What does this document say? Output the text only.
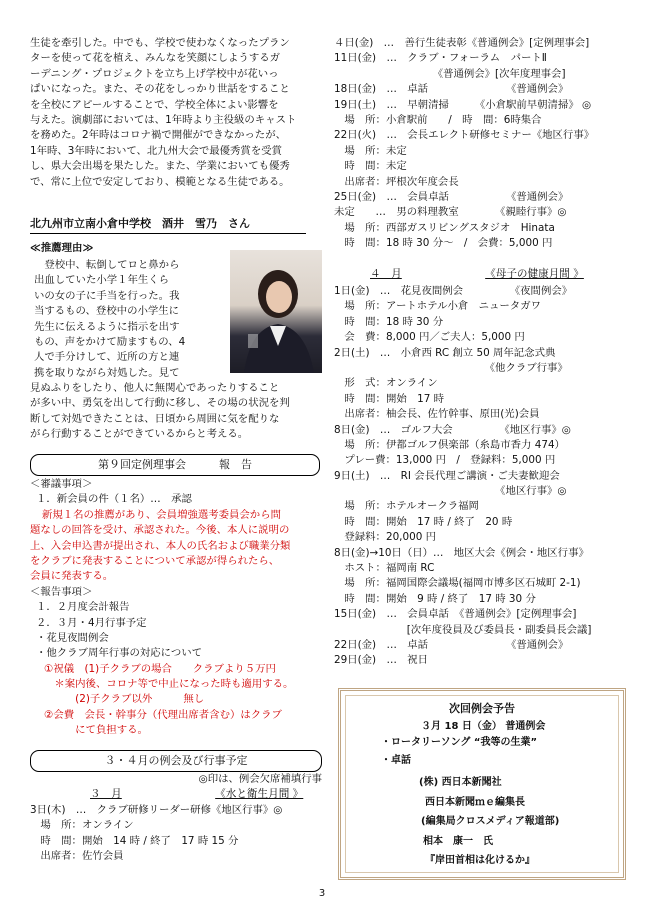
生徒を牽引した。中でも、学校で使わなくなったプラン
ターを使って花を植え、みんなを笑顔にしようするガ
ーデニング・プロジェクトを立ち上げ学校中が花いっ
ぱいになった。また、その花をしっかり世話をすること
を全校にアピールすることで、学校全体によい影響を
与えた。演劇部においては、1年時より主役級のキャスト
を務めた。2年時はコロナ禍で開催ができなかったが、
1年時、3年時において、北九州大会で最優秀賞を受賞
し、県大会出場を果たした。また、学業においても優秀
で、常に上位で安定しており、模範となる生徒である。
北九州市立南小倉中学校　酒井　雪乃　さん
≪推薦理由≫
　登校中、転倒してロと鼻から
出血していた小学１年生くら
いの女の子に手当を行った。我
当するもの、登校中の小学生に
先生に伝えるように指示を出す
もの、声をかけて励ますもの、4
人で手分けして、近所の方と連
携を取りながら対処した。見て
見ぬふりをしたり、他人に無関心であったりすること
が多い中、勇気を出して行動に移し、その場の状況を判
断して対処できたことは、日頃から周囲に気を配りな
がら行動することができているからと考える。
第９回定例理事会　　　報　告
＜審議事項＞
１．新会員の件（１名）…　承認
新規１名の推薦があり、会員増強選考委員会から問
題なしの回答を受け、承認された。今後、本人に説明の
上、入会申込書が提出され、本人の氏名および職業分類
をクラブに発表することについて承認が得られたら、
会員に発表する。
＜報告事項＞
１．２月度会計報告
２．３月・4月行事予定
・花見夜間例会
・他クラブ周年行事の対応について
①祝儀　(1)子クラブの場合　　クラブより５万円
　＊案内後、コロナ等で中止になった時も適用する。
　　　(2)子クラブ以外　　　無し
②会費　会長・幹事分（代理出席者含む）はクラブ
　　　にて負担する。
３・４月の例会及び行事予定
◎印は、例会欠席補填行事
３　月	《水と衛生月間 》
3日(木)　…　クラブ研修リーダー研修《地区行事》◎
　場　所：オンライン
　時　間：開始　14 時 / 終了　17 時 15 分
　出席者：佐竹会員
４日(金)　…　善行生徒表彰《普通例会》[定例理事会]
11日(金)　…　クラブ・フォーラム　パートⅡ
　　　　　　　　　　《普通例会》[次年度理事会]
18日(金)　…　卓話　　　　　　　　《普通例会》
19日(土)　…　早朝清掃　　　《小倉駅前早朝清掃》 ◎
　場　所：小倉駅前　　/　時　間：6時集合
22日(火)　…　会長エレクト研修セミナー《地区行事》
　場　所：未定
　時　間：未定
　出席者：坪根次年度会長
25日(金)　…　会員卓話　　　　　　《普通例会》
未定　　…　男の料理教室　　　　《親睦行事》◎
　場　所：西部ガスリビングスタジオ　Hinata
　時　間：18 時 30 分～　/　会費：5,000 円
４　月	《母子の健康月間 》
1日(金)　…　花見夜間例会　　　　　《夜間例会》
　場　所：アートホテル小倉　ニュータガワ
　時　間：18 時 30 分
　会　費：8,000 円／ご夫人：5,000 円
2日(土)　…　小倉西 RC 創立 50 周年記念式典
　　　　　　　　　　　　　　　《他クラブ行事》
　形　式：オンライン
　時　間：開始　17 時
　出席者：柚会長、佐竹幹事、原田(光)会員
8日(金)　…　ゴルフ大会　　　　　《地区行事》◎
　場　所：伊都ゴルフ倶楽部（糸島市香力 474）
　プレー費：13,000 円　/　登録料：5,000 円
9日(土)　…　RI 会長代理ご講演・ご夫妻歓迎会
　　　　　　　　　　　　　　　　《地区行事》◎
　場　所：ホテルオークラ福岡
　時　間：開始　17 時 / 終了　20 時
　登録料：20,000 円
8日(金)→10日（日）…　地区大会《例会・地区行事》
　ホスト：福岡南 RC
　場　所：福岡国際会議場(福岡市博多区石城町 2-1)
　時　間：開始　9 時 / 終了　17 時 30 分
15日(金)　…　会員卓話　《普通例会》[定例理事会]
　　　　　　　[次年度役員及び委員長・副委員長会議]
22日(金)　…　卓話　　　　　　　　《普通例会》
29日(金)　…　祝日
次回例会予告
３月 18 日（金） 普通例会
・ロータリーソング “我等の生業”
・卓話
(株) 西日本新聞社
西日本新聞ｍｅ編集長
(編集局クロスメディア報道部)
相本　康一　氏
『岸田首相は化けるか』
3
